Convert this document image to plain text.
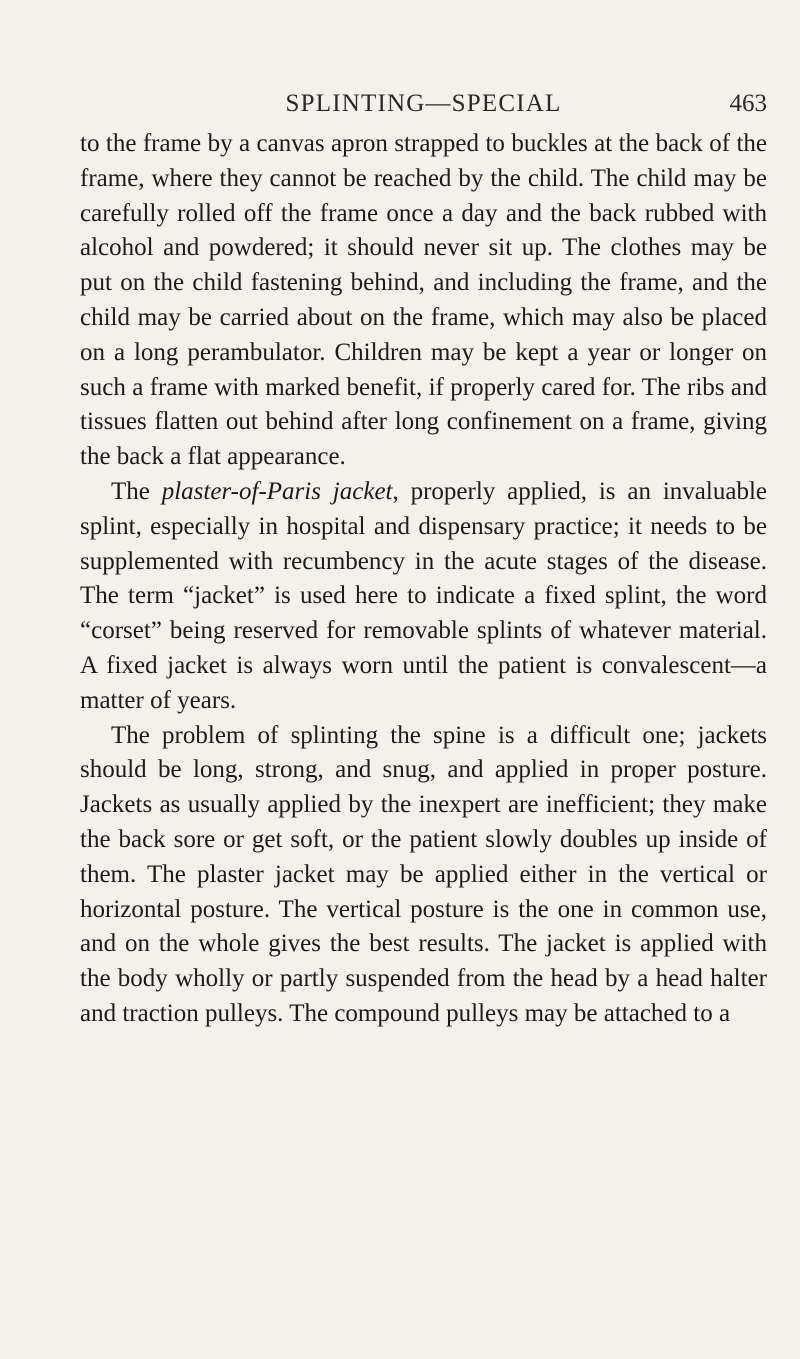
SPLINTING—SPECIAL	463

to the frame by a canvas apron strapped to buckles at the back of the frame, where they cannot be reached by the child. The child may be carefully rolled off the frame once a day and the back rubbed with alcohol and powdered; it should never sit up. The clothes may be put on the child fastening behind, and including the frame, and the child may be carried about on the frame, which may also be placed on a long perambulator. Children may be kept a year or longer on such a frame with marked benefit, if properly cared for. The ribs and tissues flatten out behind after long confinement on a frame, giving the back a flat appearance.

The plaster-of-Paris jacket, properly applied, is an invaluable splint, especially in hospital and dispensary practice; it needs to be supplemented with recumbency in the acute stages of the disease. The term “jacket” is used here to indicate a fixed splint, the word “corset” being reserved for removable splints of whatever material. A fixed jacket is always worn until the patient is convalescent—a matter of years.

The problem of splinting the spine is a difficult one; jackets should be long, strong, and snug, and applied in proper posture. Jackets as usually applied by the inexpert are inefficient; they make the back sore or get soft, or the patient slowly doubles up inside of them. The plaster jacket may be applied either in the vertical or horizontal posture. The vertical posture is the one in common use, and on the whole gives the best results. The jacket is applied with the body wholly or partly suspended from the head by a head halter and traction pulleys. The compound pulleys may be attached to a
